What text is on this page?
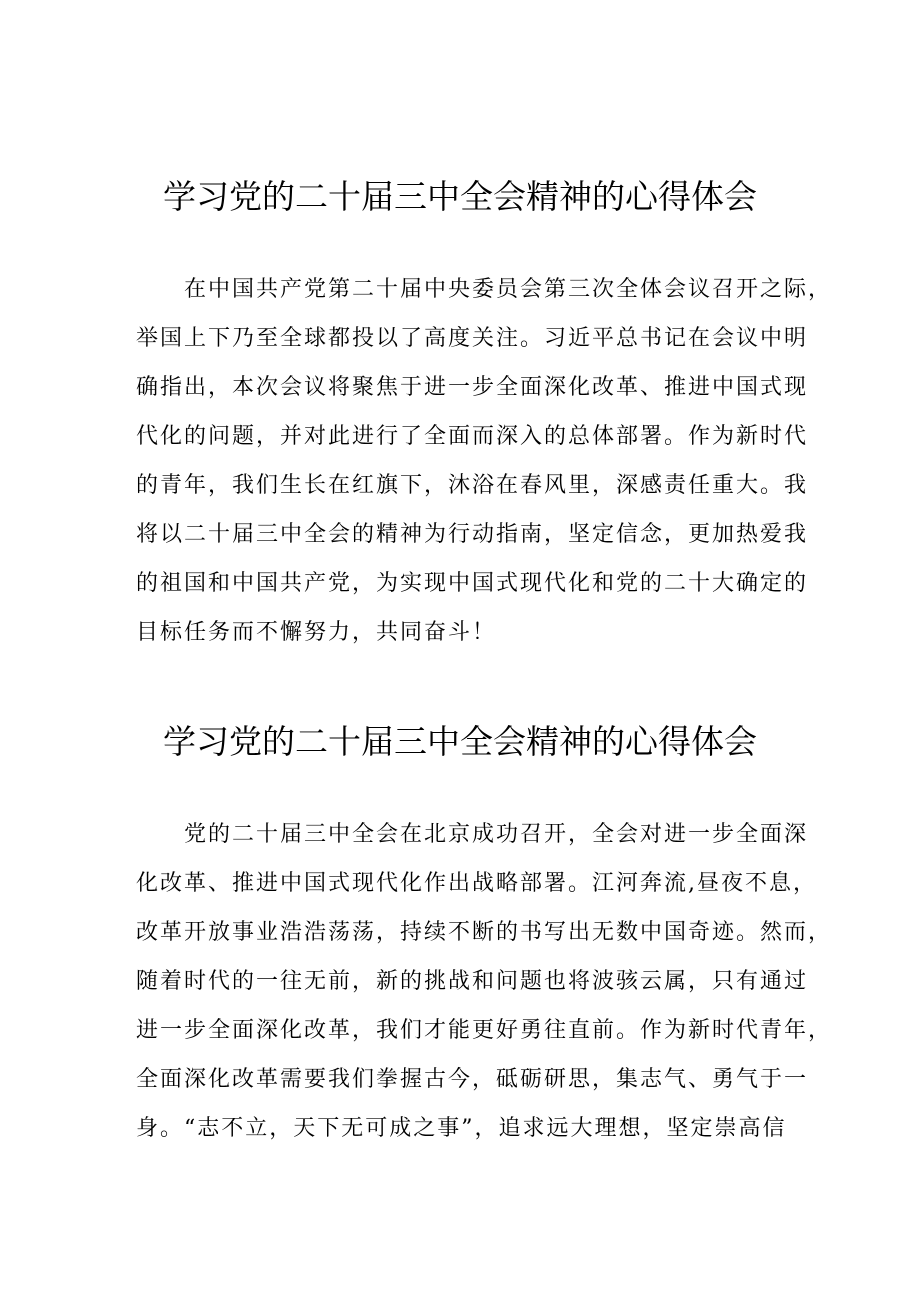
学习党的二十届三中全会精神的心得体会
　　在中国共产党第二十届中央委员会第三次全体会议召开之际，
举国上下乃至全球都投以了高度关注。习近平总书记在会议中明
确指出，本次会议将聚焦于进一步全面深化改革、推进中国式现
代化的问题，并对此进行了全面而深入的总体部署。作为新时代
的青年，我们生长在红旗下，沐浴在春风里，深感责任重大。我
将以二十届三中全会的精神为行动指南，坚定信念，更加热爱我
的祖国和中国共产党，为实现中国式现代化和党的二十大确定的
目标任务而不懈努力，共同奋斗！
学习党的二十届三中全会精神的心得体会
　　党的二十届三中全会在北京成功召开，全会对进一步全面深
化改革、推进中国式现代化作出战略部署。江河奔流,昼夜不息，
改革开放事业浩浩荡荡，持续不断的书写出无数中国奇迹。然而，
随着时代的一往无前，新的挑战和问题也将波骇云属，只有通过
进一步全面深化改革，我们才能更好勇往直前。作为新时代青年，
全面深化改革需要我们拳握古今，砥砺研思，集志气、勇气于一
身。“志不立，天下无可成之事”，追求远大理想，坚定崇高信
